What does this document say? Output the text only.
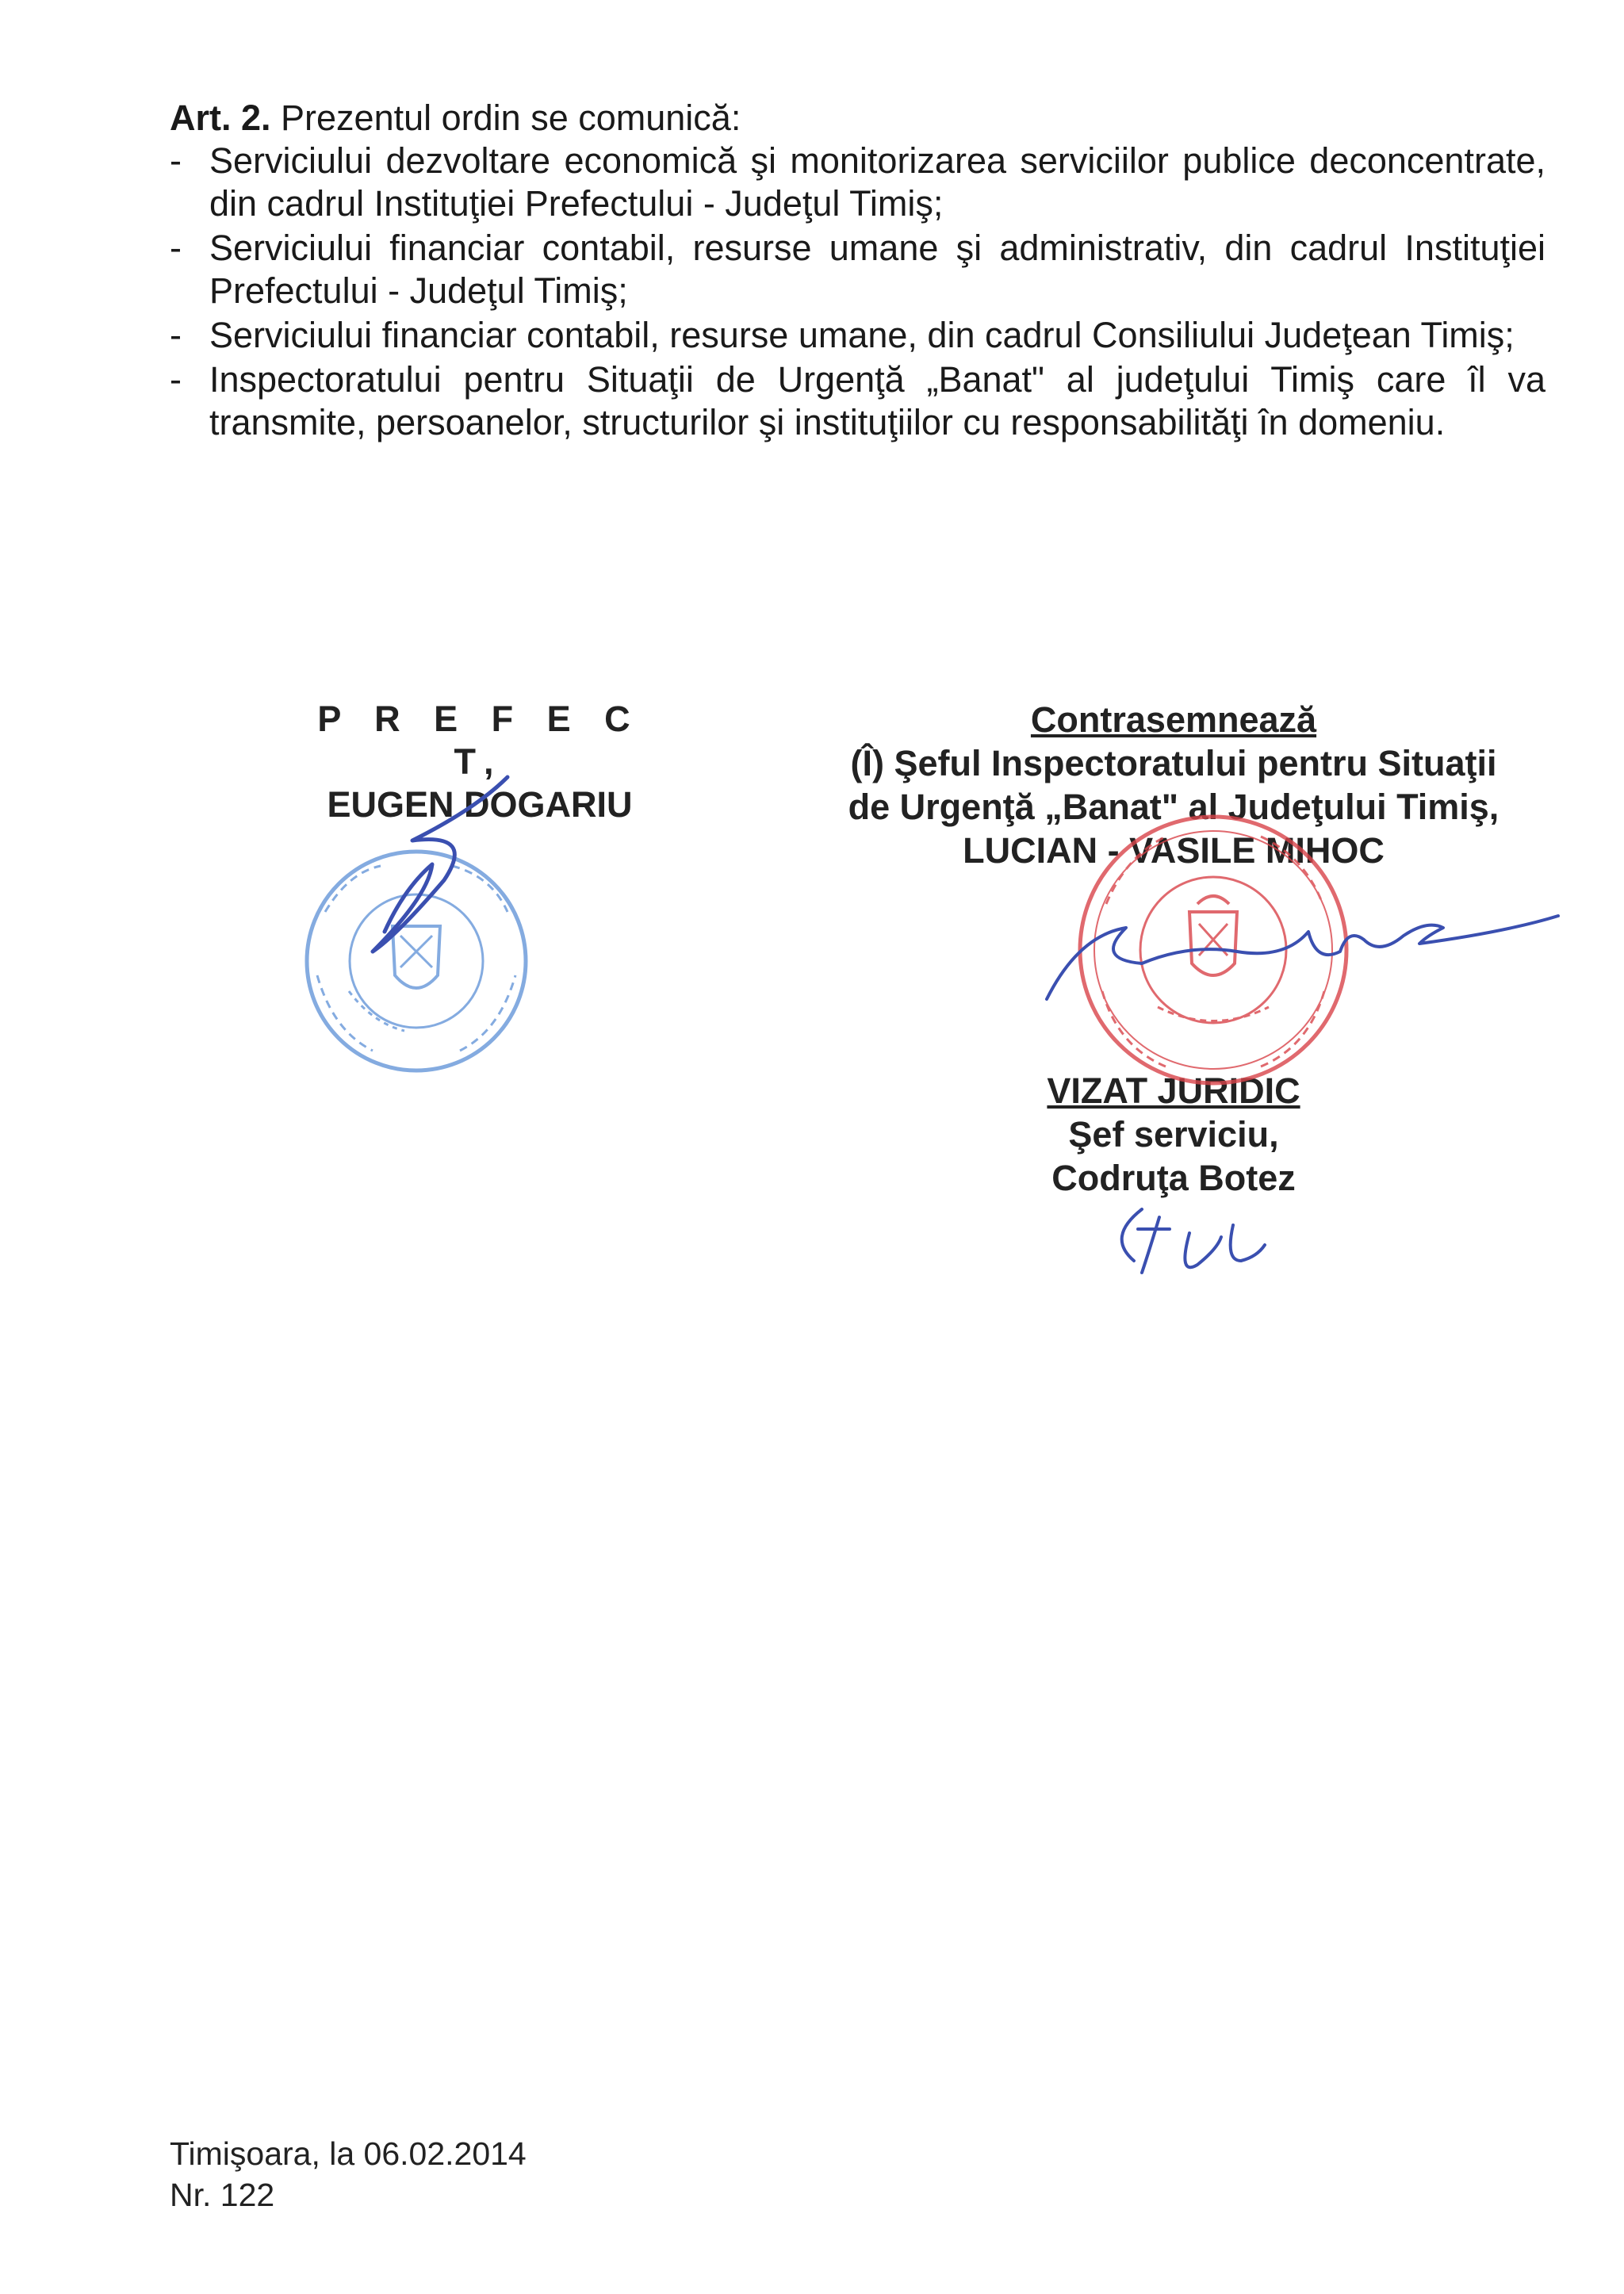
Art. 2. Prezentul ordin se comunică:
- Serviciului dezvoltare economică şi monitorizarea serviciilor publice deconcentrate, din cadrul Instituţiei Prefectului - Judeţul Timiş;
- Serviciului financiar contabil, resurse umane şi administrativ, din cadrul Instituţiei Prefectului - Judeţul Timiş;
- Serviciului financiar contabil, resurse umane, din cadrul Consiliului Judeţean Timiş;
- Inspectoratului pentru Situaţii de Urgenţă „Banat" al judeţului Timiş care îl va transmite, persoanelor, structurilor şi instituţiilor cu responsabilităţi în domeniu.
P R E F E C T,
EUGEN DOGARIU
Contrasemnează
(Î) Şeful Inspectoratului pentru Situaţii
de Urgenţă „Banat" al Judeţului Timiş,
LUCIAN - VASILE MIHOC
VIZAT JURIDIC
Şef serviciu,
Codruţa Botez
Timişoara, la 06.02.2014
Nr. 122
